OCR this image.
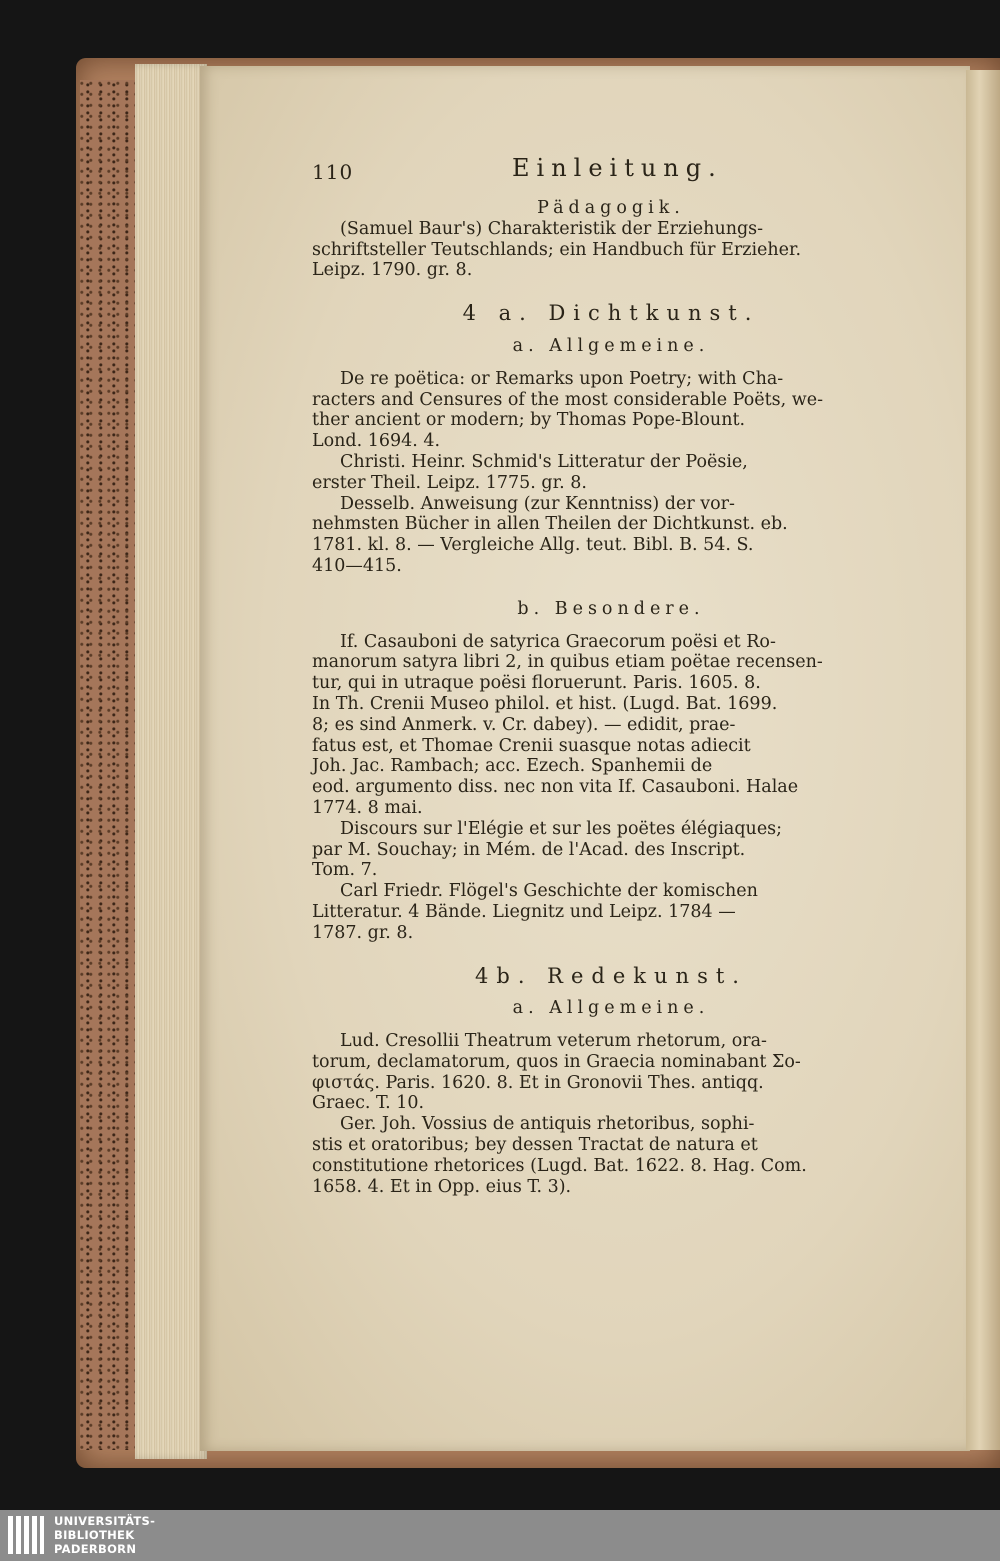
110	Einleitung.

Pädagogik.

(Samuel Baur's) Charakteristik der Erziehungs-

schriftsteller Teutschlands; ein Handbuch für Erzieher.

Leipz. 1790. gr. 8.

4 a. Dichtkunst.

a. Allgemeine.

De re poëtica: or Remarks upon Poetry; with Cha-

racters and Censures of the most considerable Poëts, we-

ther ancient or modern; by Thomas Pope-Blount.

Lond. 1694. 4.

Christi. Heinr. Schmid's Litteratur der Poësie,

erster Theil. Leipz. 1775. gr. 8.

Desselb. Anweisung (zur Kenntniss) der vor-

nehmsten Bücher in allen Theilen der Dichtkunst. eb.

1781. kl. 8. — Vergleiche Allg. teut. Bibl. B. 54. S.

410—415.

b. Besondere.

If. Casauboni de satyrica Graecorum poësi et Ro-

manorum satyra libri 2, in quibus etiam poëtae recensen-

tur, qui in utraque poësi floruerunt. Paris. 1605. 8.

In Th. Crenii Museo philol. et hist. (Lugd. Bat. 1699.

8; es sind Anmerk. v. Cr. dabey). — edidit, prae-

fatus est, et Thomae Crenii suasque notas adiecit

Joh. Jac. Rambach; acc. Ezech. Spanhemii de

eod. argumento diss. nec non vita If. Casauboni. Halae

1774. 8 mai.

Discours sur l'Elégie et sur les poëtes élégiaques;

par M. Souchay; in Mém. de l'Acad. des Inscript.

Tom. 7.

Carl Friedr. Flögel's Geschichte der komischen

Litteratur. 4 Bände. Liegnitz und Leipz. 1784 —

1787. gr. 8.

4b. Redekunst.

a. Allgemeine.

Lud. Cresollii Theatrum veterum rhetorum, ora-

torum, declamatorum, quos in Graecia nominabant Σο-

φιστάς. Paris. 1620. 8. Et in Gronovii Thes. antiqq.

Graec. T. 10.

Ger. Joh. Vossius de antiquis rhetoribus, sophi-

stis et oratoribus; bey dessen Tractat de natura et

constitutione rhetorices (Lugd. Bat. 1622. 8. Hag. Com.

1658. 4. Et in Opp. eius T. 3).

UNIVERSITÄTS-
BIBLIOTHEK
PADERBORN
